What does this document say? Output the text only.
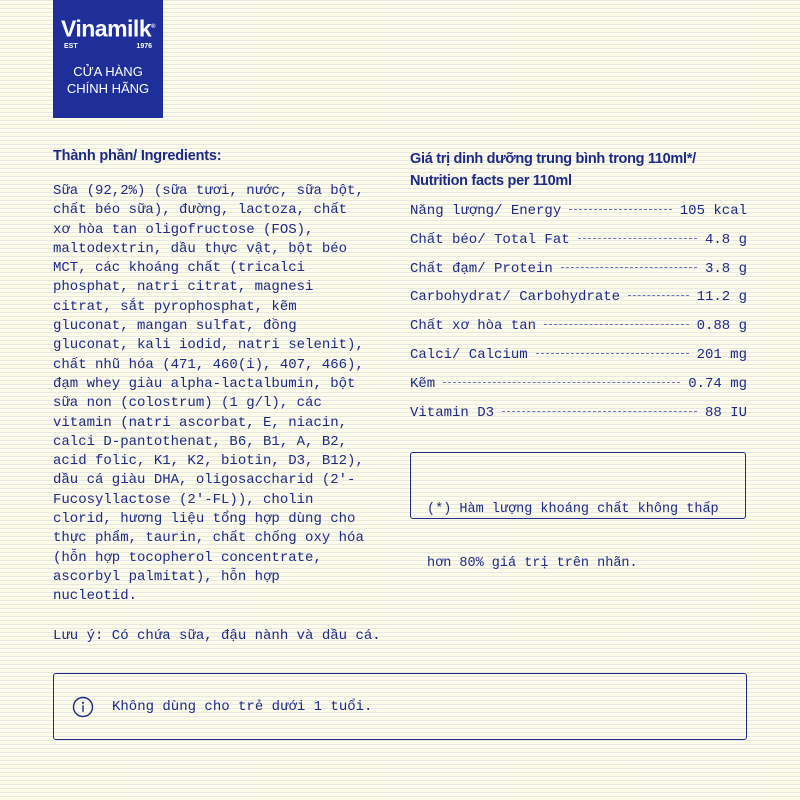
Vinamilk®
EST	1976
CỬA HÀNG
CHÍNH HÃNG
Thành phần/ Ingredients:
Sữa (92,2%) (sữa tươi, nước, sữa bột,
chất béo sữa), đường, lactoza, chất
xơ hòa tan oligofructose (FOS),
maltodextrin, dầu thực vật, bột béo
MCT, các khoáng chất (tricalci
phosphat, natri citrat, magnesi
citrat, sắt pyrophosphat, kẽm
gluconat, mangan sulfat, đồng
gluconat, kali iodid, natri selenit),
chất nhũ hóa (471, 460(i), 407, 466),
đạm whey giàu alpha-lactalbumin, bột
sữa non (colostrum) (1 g/l), các
vitamin (natri ascorbat, E, niacin,
calci D-pantothenat, B6, B1, A, B2,
acid folic, K1, K2, biotin, D3, B12),
dầu cá giàu DHA, oligosaccharid (2'-
Fucosyllactose (2'-FL)), cholin
clorid, hương liệu tổng hợp dùng cho
thực phẩm, taurin, chất chống oxy hóa
(hỗn hợp tocopherol concentrate,
ascorbyl palmitat), hỗn hợp
nucleotid.
Lưu ý: Có chứa sữa, đậu nành và dầu cá.
Giá trị dinh dưỡng trung bình trong 110ml*/
Nutrition facts per 110ml
Năng lượng/ Energy	105 kcal
Chất béo/ Total Fat	4.8 g
Chất đạm/ Protein	3.8 g
Carbohydrat/ Carbohydrate	11.2 g
Chất xơ hòa tan	0.88 g
Calci/ Calcium	201 mg
Kẽm	0.74 mg
Vitamin D3	88 IU

(*) Hàm lượng khoáng chất không thấp

hơn 80% giá trị trên nhãn.

Không dùng cho trẻ dưới 1 tuổi.
